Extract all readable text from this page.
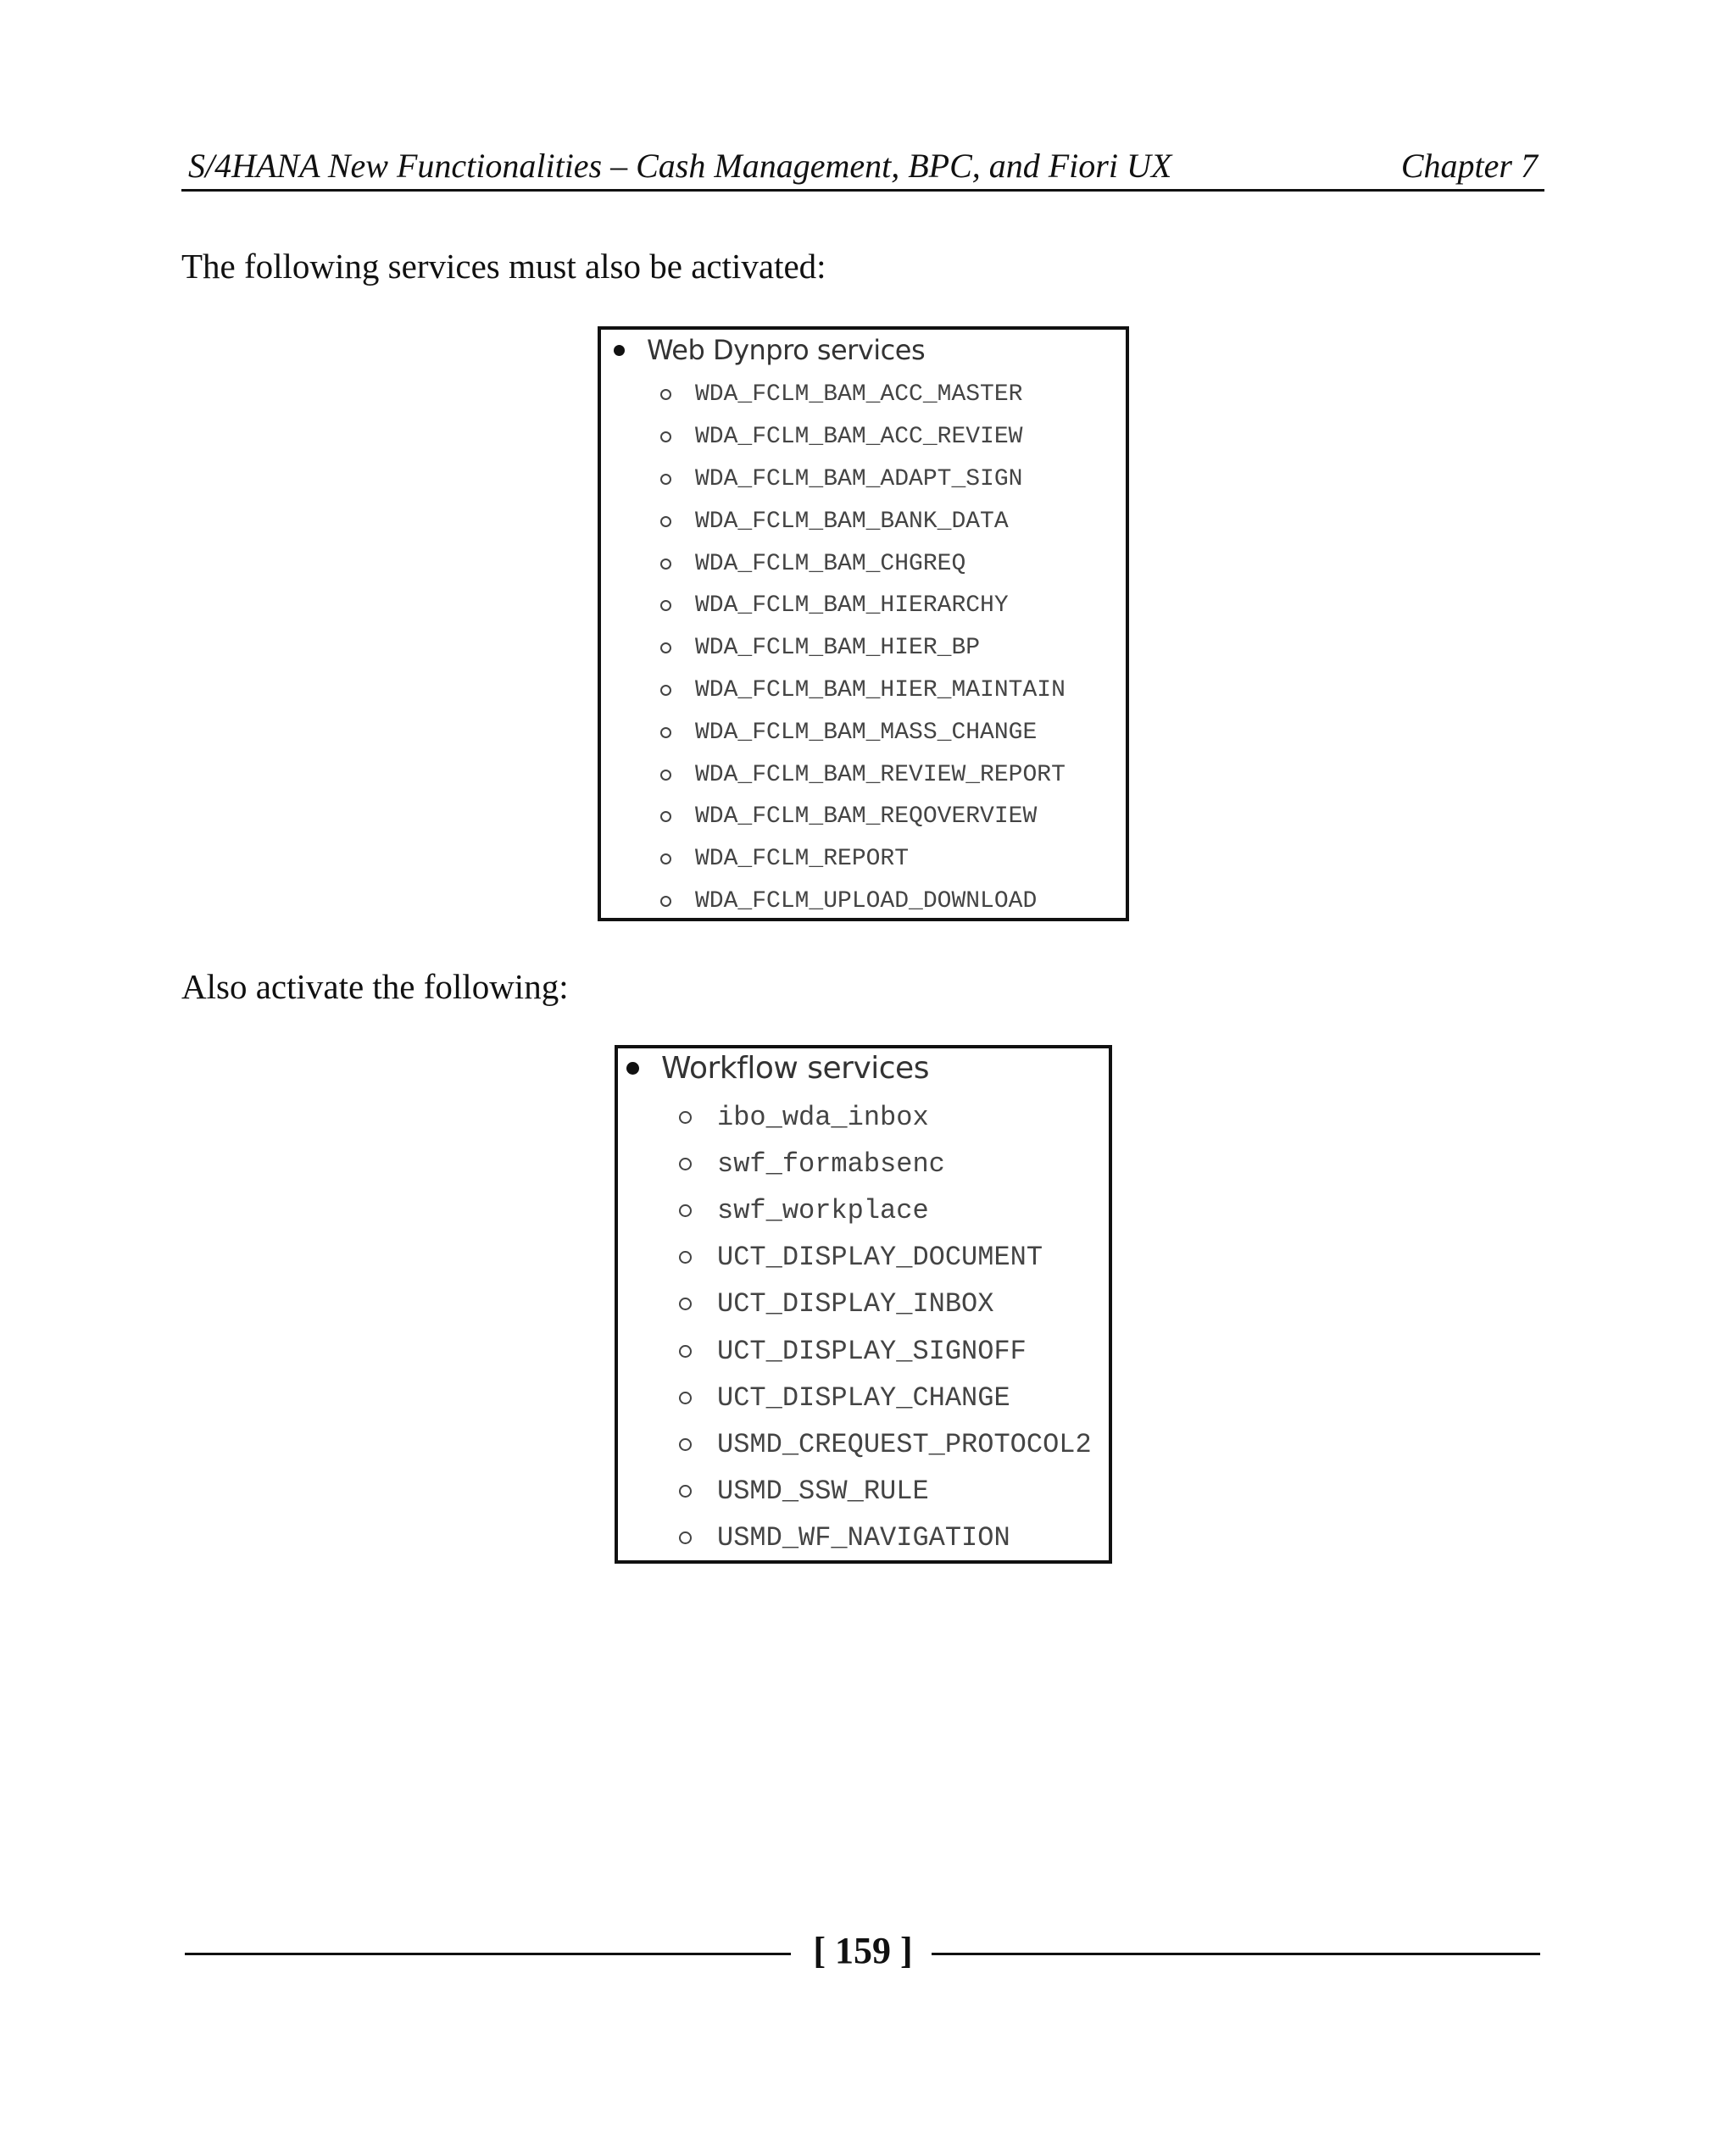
S/4HANA New Functionalities – Cash Management, BPC, and Fiori UX	Chapter 7
The following services must also be activated:
Web Dynpro services
WDA_FCLM_BAM_ACC_MASTER
WDA_FCLM_BAM_ACC_REVIEW
WDA_FCLM_BAM_ADAPT_SIGN
WDA_FCLM_BAM_BANK_DATA
WDA_FCLM_BAM_CHGREQ
WDA_FCLM_BAM_HIERARCHY
WDA_FCLM_BAM_HIER_BP
WDA_FCLM_BAM_HIER_MAINTAIN
WDA_FCLM_BAM_MASS_CHANGE
WDA_FCLM_BAM_REVIEW_REPORT
WDA_FCLM_BAM_REQOVERVIEW
WDA_FCLM_REPORT
WDA_FCLM_UPLOAD_DOWNLOAD
Also activate the following:
Workflow services
ibo_wda_inbox
swf_formabsenc
swf_workplace
UCT_DISPLAY_DOCUMENT
UCT_DISPLAY_INBOX
UCT_DISPLAY_SIGNOFF
UCT_DISPLAY_CHANGE
USMD_CREQUEST_PROTOCOL2
USMD_SSW_RULE
USMD_WF_NAVIGATION
[ 159 ]
